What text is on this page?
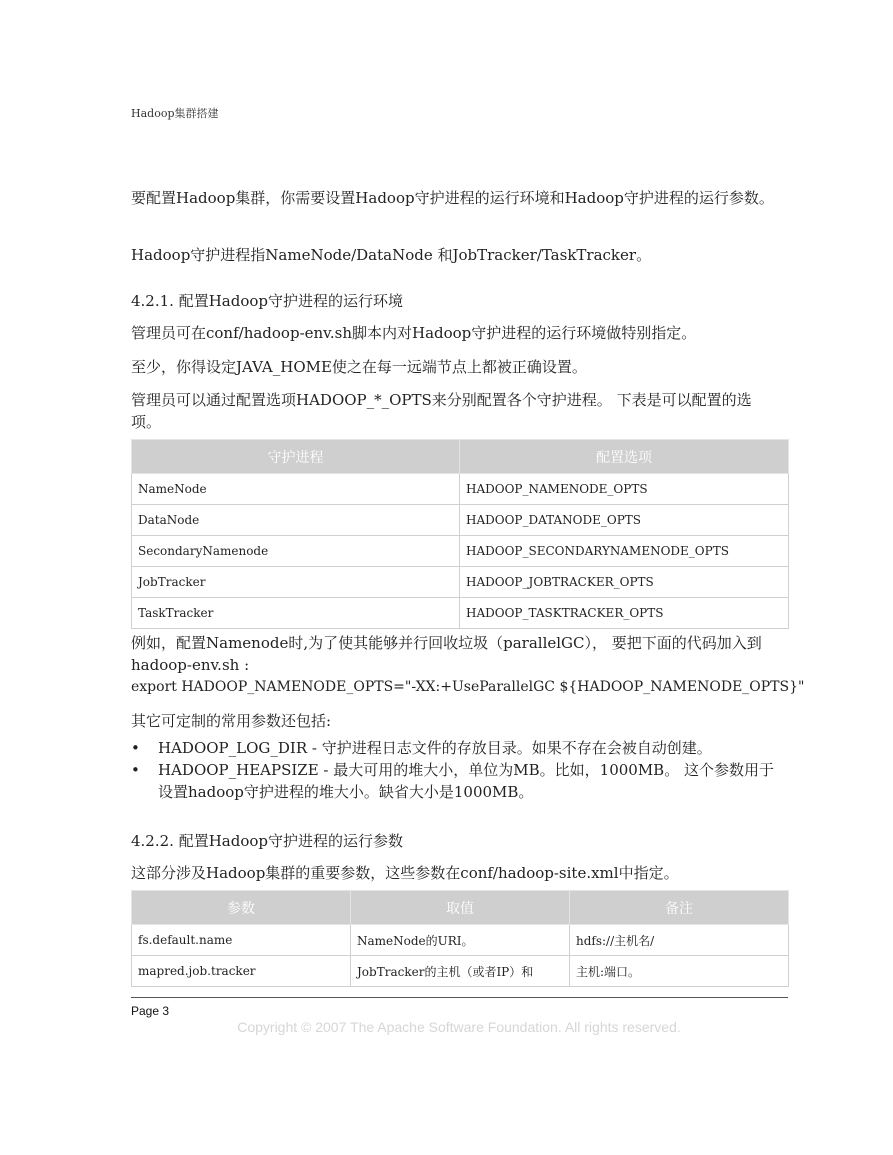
Hadoop集群搭建
要配置Hadoop集群，你需要设置Hadoop守护进程的运行环境和Hadoop守护进程的运行参数。
Hadoop守护进程指NameNode/DataNode 和JobTracker/TaskTracker。
4.2.1. 配置Hadoop守护进程的运行环境
管理员可在conf/hadoop-env.sh脚本内对Hadoop守护进程的运行环境做特别指定。
至少，你得设定JAVA_HOME使之在每一远端节点上都被正确设置。
管理员可以通过配置选项HADOOP_*_OPTS来分别配置各个守护进程。 下表是可以配置的选项。
守护进程	配置选项
NameNode	HADOOP_NAMENODE_OPTS
DataNode	HADOOP_DATANODE_OPTS
SecondaryNamenode	HADOOP_SECONDARYNAMENODE_OPTS
JobTracker	HADOOP_JOBTRACKER_OPTS
TaskTracker	HADOOP_TASKTRACKER_OPTS
例如，配置Namenode时,为了使其能够并行回收垃圾（parallelGC）， 要把下面的代码加入到hadoop-env.sh :
export HADOOP_NAMENODE_OPTS="-XX:+UseParallelGC ${HADOOP_NAMENODE_OPTS}"
其它可定制的常用参数还包括:
• HADOOP_LOG_DIR - 守护进程日志文件的存放目录。如果不存在会被自动创建。
• HADOOP_HEAPSIZE - 最大可用的堆大小，单位为MB。比如，1000MB。 这个参数用于设置hadoop守护进程的堆大小。缺省大小是1000MB。
4.2.2. 配置Hadoop守护进程的运行参数
这部分涉及Hadoop集群的重要参数，这些参数在conf/hadoop-site.xml中指定。
参数	取值	备注
fs.default.name	NameNode的URI。	hdfs://主机名/
mapred.job.tracker	JobTracker的主机（或者IP）和	主机:端口。
Page 3
Copyright © 2007 The Apache Software Foundation. All rights reserved.
